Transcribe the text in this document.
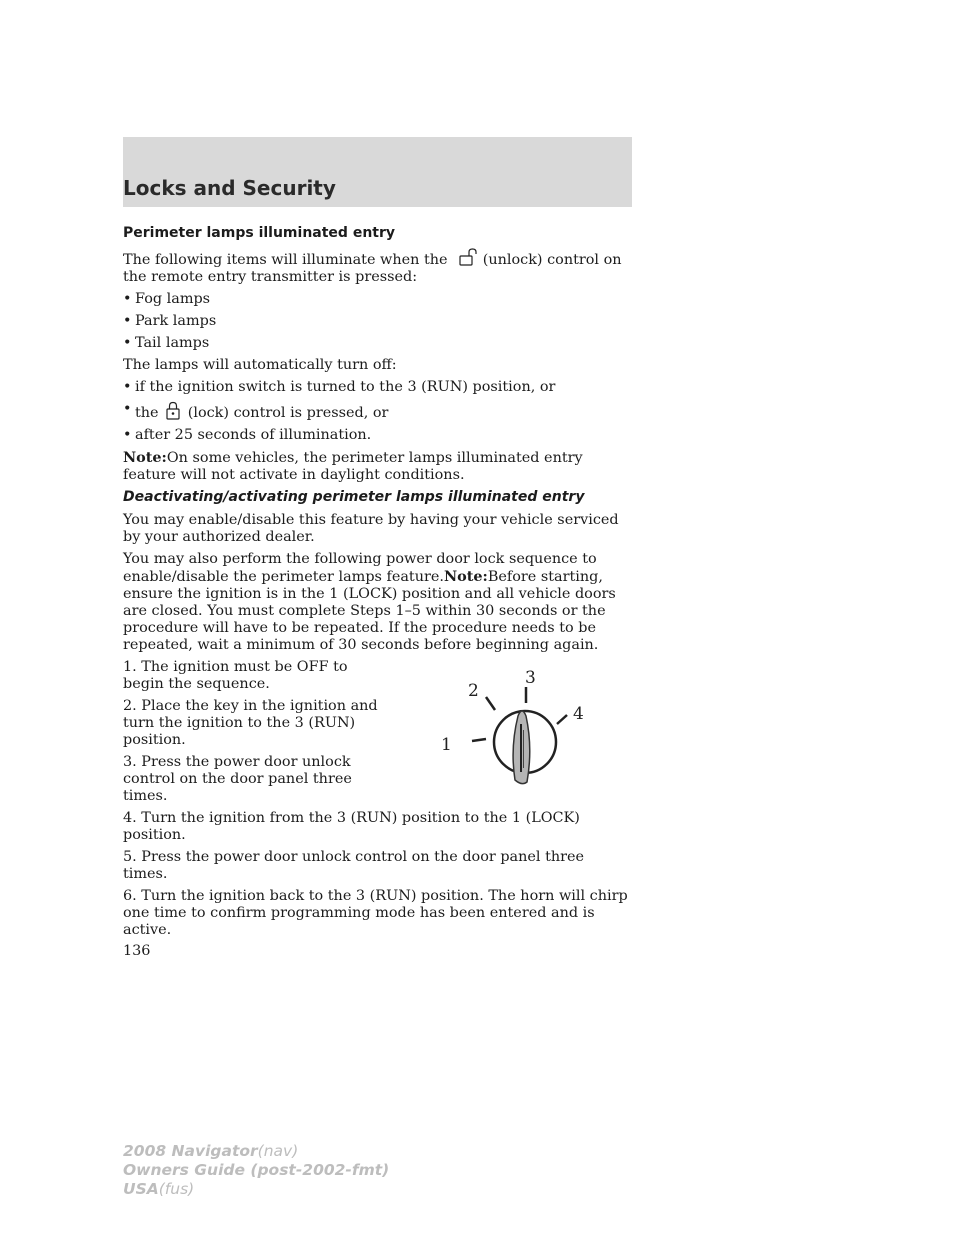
Locks and Security
Perimeter lamps illuminated entry

The following items will illuminate when the (unlock) control on the remote entry transmitter is pressed:

• Fog lamps
• Park lamps
• Tail lamps

The lamps will automatically turn off:

• if the ignition switch is turned to the 3 (RUN) position, or
• the (lock) control is pressed, or
• after 25 seconds of illumination.

Note:On some vehicles, the perimeter lamps illuminated entry feature will not activate in daylight conditions.

Deactivating/activating perimeter lamps illuminated entry

You may enable/disable this feature by having your vehicle serviced by your authorized dealer.

You may also perform the following power door lock sequence to enable/disable the perimeter lamps feature.Note:Before starting, ensure the ignition is in the 1 (LOCK) position and all vehicle doors are closed. You must complete Steps 1–5 within 30 seconds or the procedure will have to be repeated. If the procedure needs to be repeated, wait a minimum of 30 seconds before beginning again.

1. The ignition must be OFF to begin the sequence.

2. Place the key in the ignition and turn the ignition to the 3 (RUN) position.

3. Press the power door unlock control on the door panel three times.

4. Turn the ignition from the 3 (RUN) position to the 1 (LOCK) position.

5. Press the power door unlock control on the door panel three times.

6. Turn the ignition back to the 3 (RUN) position. The horn will chirp one time to confirm programming mode has been entered and is active.

1
2
3
4
136
2008 Navigator(nav)
Owners Guide (post-2002-fmt)
USA(fus)
